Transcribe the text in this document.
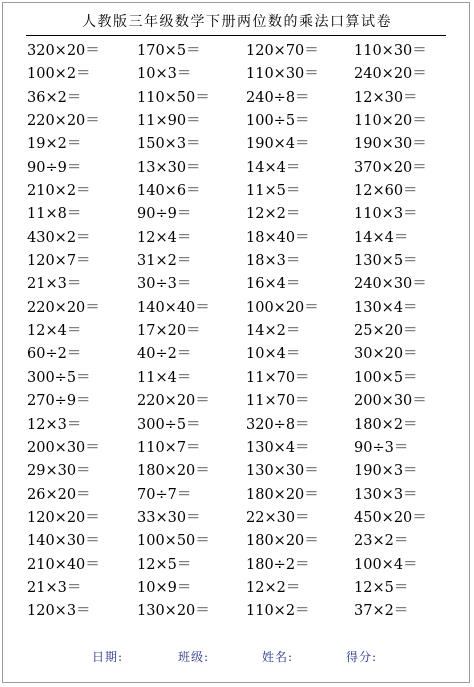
人教版三年级数学下册两位数的乘法口算试卷
320×20＝	170×5＝	120×70＝ 110×30＝
100×2＝	10×3＝	110×30＝ 240×20＝
36×2＝	110×50＝ 240÷8＝	12×30＝
220×20＝	11×90＝	100÷5＝	110×20＝
19×2＝	150×3＝	190×4＝	190×30＝
90÷9＝	13×30＝	14×4＝	370×20＝
210×2＝	140×6＝	11×5＝	12×60＝
11×8＝	90÷9＝	12×2＝	110×3＝
430×2＝	12×4＝	18×40＝	14×4＝
120×7＝	31×2＝	18×3＝	130×5＝
21×3＝	30÷3＝	16×4＝	240×30＝
220×20＝	140×40＝ 100×20＝ 130×4＝
12×4＝	17×20＝	14×2＝	25×20＝
60÷2＝	40÷2＝	10×4＝	30×20＝
300÷5＝	11×4＝	11×70＝	100×5＝
270÷9＝	220×20＝ 11×70＝	200×30＝
12×3＝	300÷5＝	320÷8＝	180×2＝
200×30＝	110×7＝	130×4＝	90÷3＝
29×30＝	180×20＝ 130×30＝ 190×3＝
26×20＝	70÷7＝	180×20＝ 130×3＝
120×20＝	33×30＝	22×30＝	450×20＝
140×30＝	100×50＝ 180×20＝ 23×2＝
210×40＝	12×5＝	180÷2＝	100×4＝
21×3＝	10×9＝	12×2＝	12×5＝
120×3＝	130×20＝ 110×2＝	37×2＝
日期:	班级:	姓名:	得分:
